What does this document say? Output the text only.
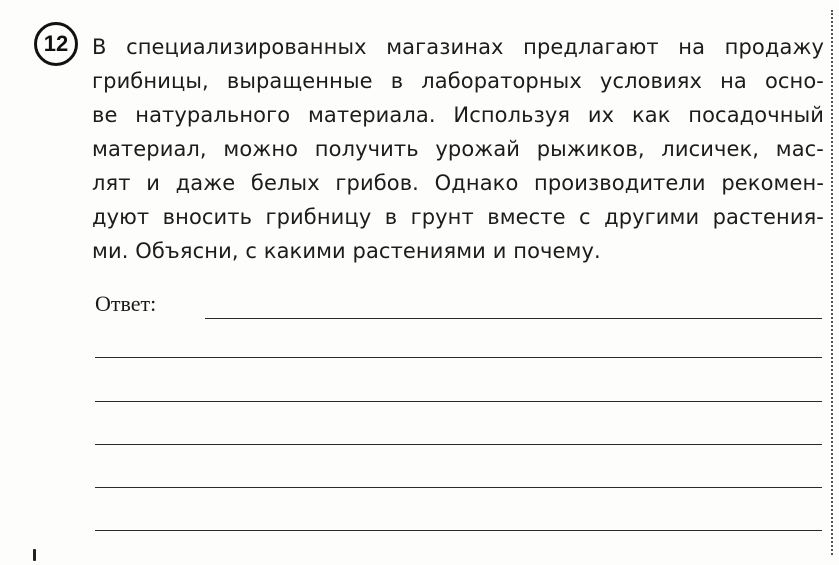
12 В специализированных магазинах предлагают на продажу
грибницы, выращенные в лабораторных условиях на осно-
ве натурального материала. Используя их как посадочный
материал, можно получить урожай рыжиков, лисичек, мас-
лят и даже белых грибов. Однако производители рекомен-
дуют вносить грибницу в грунт вместе с другими растения-
ми. Объясни, с какими растениями и почему.
Ответ:
